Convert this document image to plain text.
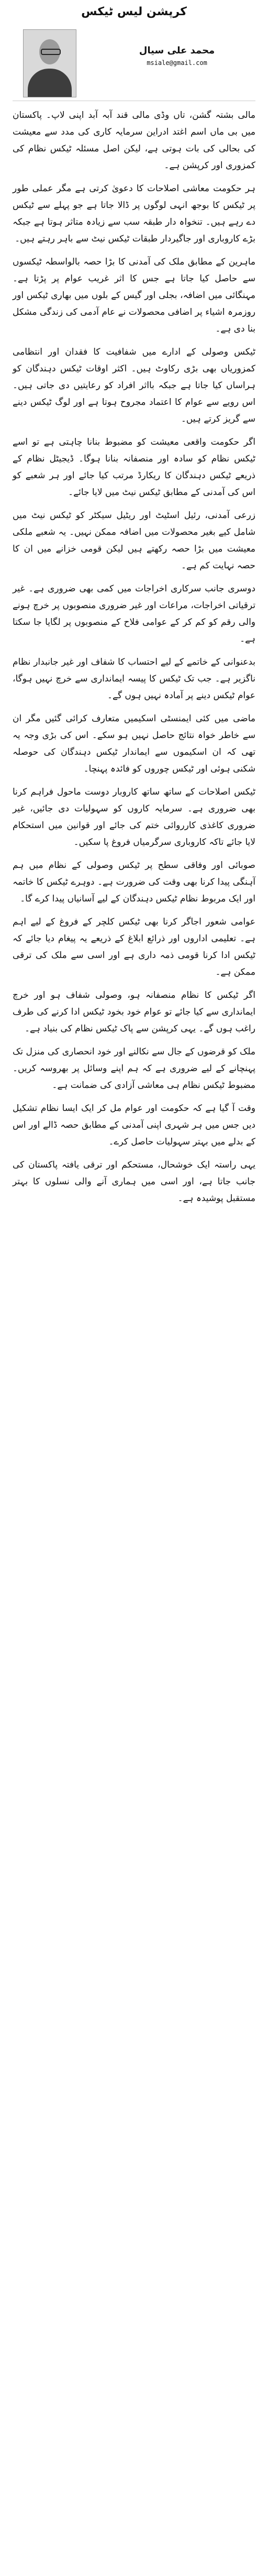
کرپشن لیس ٹیکس
محمد علی سیال
msiale@gmail.com

مالی بشتہ گشن، تاں وڈی مالی قند آبہ آبد اپنی لاپ۔ پاکستان میں بی ماں اسم اغتد ادراین سرمایہ کاری کی مدد سے معیشت کی بحالی کی بات ہوتی ہے، لیکن اصل مسئلہ ٹیکس نظام کی کمزوری اور کرپشن ہے۔

ہر حکومت معاشی اصلاحات کا دعویٰ کرتی ہے مگر عملی طور پر ٹیکس کا بوجھ انہی لوگوں پر ڈالا جاتا ہے جو پہلے سے ٹیکس دے رہے ہیں۔ تنخواہ دار طبقہ سب سے زیادہ متاثر ہوتا ہے جبکہ بڑے کاروباری اور جاگیردار طبقات ٹیکس نیٹ سے باہر رہتے ہیں۔

ماہرین کے مطابق ملک کی آمدنی کا بڑا حصہ بالواسطہ ٹیکسوں سے حاصل کیا جاتا ہے جس کا اثر غریب عوام پر پڑتا ہے۔ مہنگائی میں اضافہ، بجلی اور گیس کے بلوں میں بھاری ٹیکس اور روزمرہ اشیاء پر اضافی محصولات نے عام آدمی کی زندگی مشکل بنا دی ہے۔

ٹیکس وصولی کے ادارے میں شفافیت کا فقدان اور انتظامی کمزوریاں بھی بڑی رکاوٹ ہیں۔ اکثر اوقات ٹیکس دہندگان کو ہراساں کیا جاتا ہے جبکہ بااثر افراد کو رعایتیں دی جاتی ہیں۔ اس رویے سے عوام کا اعتماد مجروح ہوتا ہے اور لوگ ٹیکس دینے سے گریز کرتے ہیں۔

اگر حکومت واقعی معیشت کو مضبوط بنانا چاہتی ہے تو اسے ٹیکس نظام کو سادہ اور منصفانہ بنانا ہوگا۔ ڈیجیٹل نظام کے ذریعے ٹیکس دہندگان کا ریکارڈ مرتب کیا جائے اور ہر شعبے کو اس کی آمدنی کے مطابق ٹیکس نیٹ میں لایا جائے۔

زرعی آمدنی، رئیل اسٹیٹ اور ریٹیل سیکٹر کو ٹیکس نیٹ میں شامل کیے بغیر محصولات میں اضافہ ممکن نہیں۔ یہ شعبے ملکی معیشت میں بڑا حصہ رکھتے ہیں لیکن قومی خزانے میں ان کا حصہ نہایت کم ہے۔

دوسری جانب سرکاری اخراجات میں کمی بھی ضروری ہے۔ غیر ترقیاتی اخراجات، مراعات اور غیر ضروری منصوبوں پر خرچ ہونے والی رقم کو کم کر کے عوامی فلاح کے منصوبوں پر لگایا جا سکتا ہے۔

بدعنوانی کے خاتمے کے لیے احتساب کا شفاف اور غیر جانبدار نظام ناگزیر ہے۔ جب تک ٹیکس کا پیسہ ایمانداری سے خرچ نہیں ہوگا، عوام ٹیکس دینے پر آمادہ نہیں ہوں گے۔

ماضی میں کئی ایمنسٹی اسکیمیں متعارف کرائی گئیں مگر ان سے خاطر خواہ نتائج حاصل نہیں ہو سکے۔ اس کی بڑی وجہ یہ تھی کہ ان اسکیموں سے ایماندار ٹیکس دہندگان کی حوصلہ شکنی ہوئی اور ٹیکس چوروں کو فائدہ پہنچا۔

ٹیکس اصلاحات کے ساتھ ساتھ کاروبار دوست ماحول فراہم کرنا بھی ضروری ہے۔ سرمایہ کاروں کو سہولیات دی جائیں، غیر ضروری کاغذی کارروائی ختم کی جائے اور قوانین میں استحکام لایا جائے تاکہ کاروباری سرگرمیاں فروغ پا سکیں۔

صوبائی اور وفاقی سطح پر ٹیکس وصولی کے نظام میں ہم آہنگی پیدا کرنا بھی وقت کی ضرورت ہے۔ دوہرے ٹیکس کا خاتمہ اور ایک مربوط نظام ٹیکس دہندگان کے لیے آسانیاں پیدا کرے گا۔

عوامی شعور اجاگر کرنا بھی ٹیکس کلچر کے فروغ کے لیے اہم ہے۔ تعلیمی اداروں اور ذرائع ابلاغ کے ذریعے یہ پیغام دیا جائے کہ ٹیکس ادا کرنا قومی ذمہ داری ہے اور اسی سے ملک کی ترقی ممکن ہے۔

اگر ٹیکس کا نظام منصفانہ ہو، وصولی شفاف ہو اور خرچ ایمانداری سے کیا جائے تو عوام خود بخود ٹیکس ادا کرنے کی طرف راغب ہوں گے۔ یہی کرپشن سے پاک ٹیکس نظام کی بنیاد ہے۔

ملک کو قرضوں کے جال سے نکالنے اور خود انحصاری کی منزل تک پہنچانے کے لیے ضروری ہے کہ ہم اپنے وسائل پر بھروسہ کریں۔ مضبوط ٹیکس نظام ہی معاشی آزادی کی ضمانت ہے۔

وقت آ گیا ہے کہ حکومت اور عوام مل کر ایک ایسا نظام تشکیل دیں جس میں ہر شہری اپنی آمدنی کے مطابق حصہ ڈالے اور اس کے بدلے میں بہتر سہولیات حاصل کرے۔

یہی راستہ ایک خوشحال، مستحکم اور ترقی یافتہ پاکستان کی جانب جاتا ہے، اور اسی میں ہماری آنے والی نسلوں کا بہتر مستقبل پوشیدہ ہے۔
